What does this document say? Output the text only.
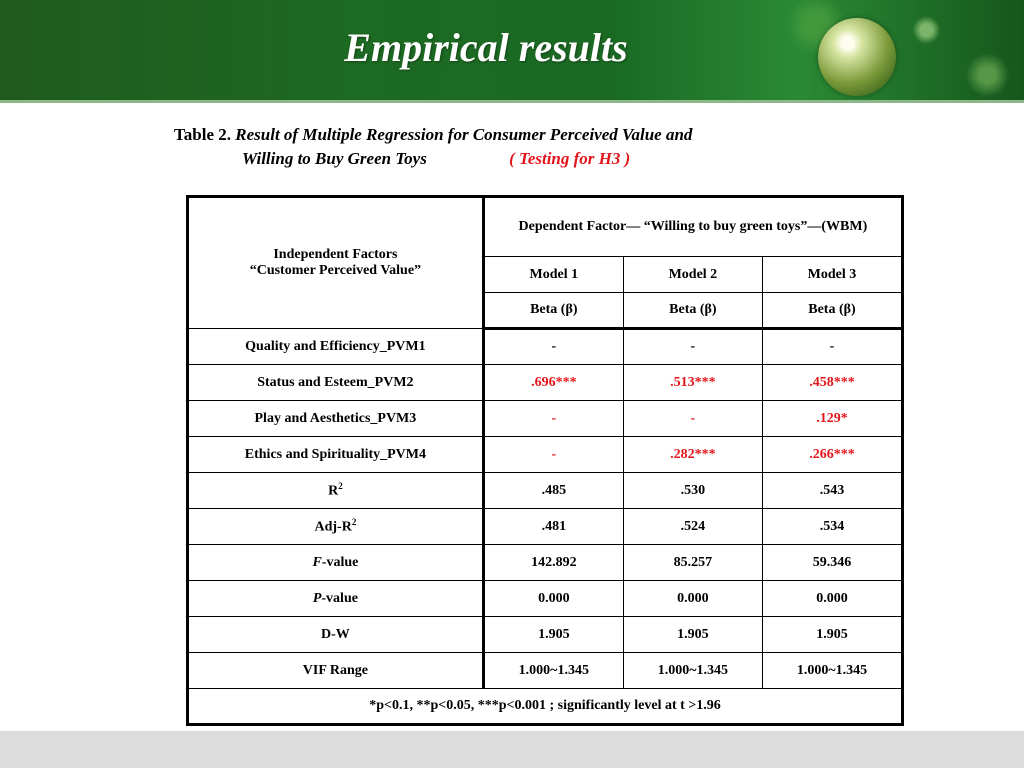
Empirical results
Table 2. Result of Multiple Regression for Consumer Perceived Value and
Willing to Buy Green Toys	( Testing for H3 )
Independent Factors
“Customer Perceived Value”	Dependent Factor— “Willing to buy green toys”—(WBM)		
	Model 1	Model 2	Model 3
	Beta (β)	Beta (β)	Beta (β)
Quality and Efficiency_PVM1	-	-	-
Status and Esteem_PVM2	.696***	.513***	.458***
Play and Aesthetics_PVM3	-	-	.129*
Ethics and Spirituality_PVM4	-	.282***	.266***
$R^2$	.485	.530	.543
Adj-$R^2$	.481	.524	.534
F-value	142.892	85.257	59.346
P-value	0.000	0.000	0.000
D-W	1.905	1.905	1.905
VIF Range	1.000~1.345	1.000~1.345	1.000~1.345
*p<0.1, **p<0.05, ***p<0.001 ; significantly level at t >1.96			
